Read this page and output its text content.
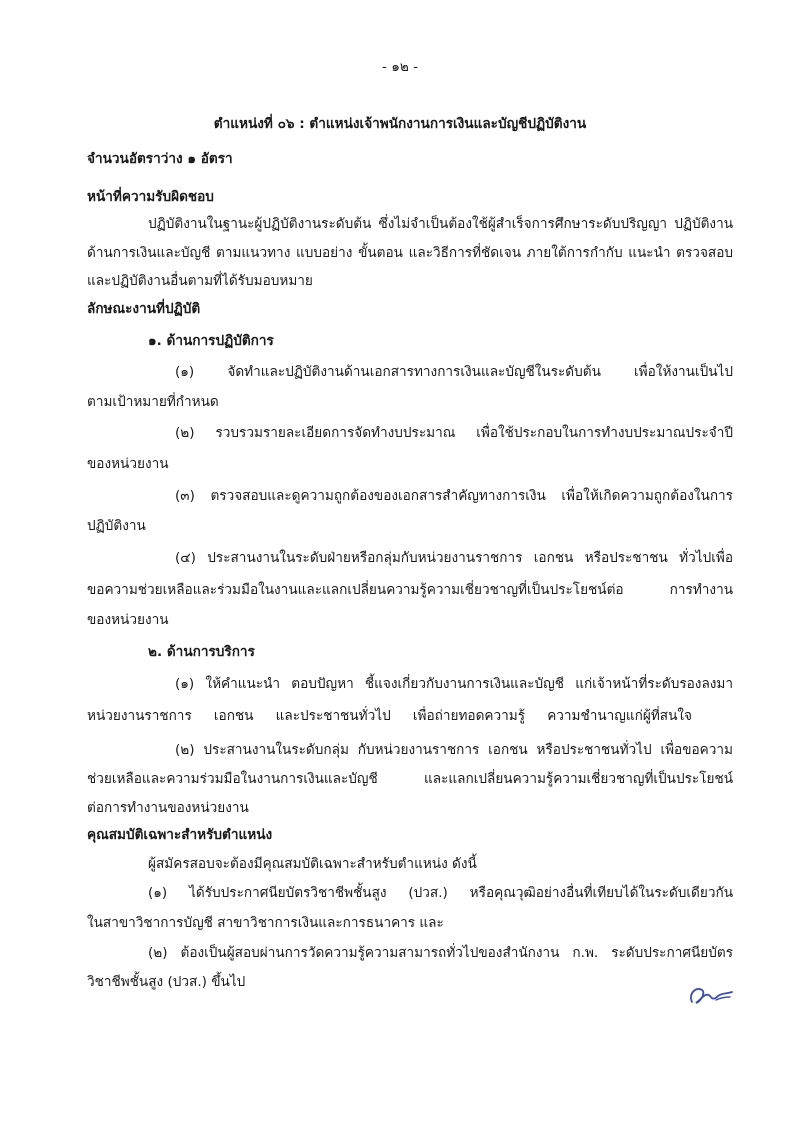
- ๑๒ -
ตำแหน่งที่ ๐๖ : ตำแหน่งเจ้าพนักงานการเงินและบัญชีปฏิบัติงาน
จำนวนอัตราว่าง ๑ อัตรา
หน้าที่ความรับผิดชอบ
ปฏิบัติงานในฐานะผู้ปฏิบัติงานระดับต้น ซึ่งไม่จำเป็นต้องใช้ผู้สำเร็จการศึกษาระดับปริญญา ปฏิบัติงาน
ด้านการเงินและบัญชี ตามแนวทาง แบบอย่าง ขั้นตอน และวิธีการที่ชัดเจน ภายใต้การกำกับ แนะนำ ตรวจสอบ
และปฏิบัติงานอื่นตามที่ได้รับมอบหมาย
ลักษณะงานที่ปฏิบัติ
๑. ด้านการปฏิบัติการ
(๑) จัดทำและปฏิบัติงานด้านเอกสารทางการเงินและบัญชีในระดับต้น เพื่อให้งานเป็นไป
ตามเป้าหมายที่กำหนด
(๒) รวบรวมรายละเอียดการจัดทำงบประมาณ เพื่อใช้ประกอบในการทำงบประมาณประจำปี
ของหน่วยงาน
(๓) ตรวจสอบและดูความถูกต้องของเอกสารสำคัญทางการเงิน เพื่อให้เกิดความถูกต้องในการ
ปฏิบัติงาน
(๔) ประสานงานในระดับฝ่ายหรือกลุ่มกับหน่วยงานราชการ เอกชน หรือประชาชน ทั่วไปเพื่อ
ขอความช่วยเหลือและร่วมมือในงานและแลกเปลี่ยนความรู้ความเชี่ยวชาญที่เป็นประโยชน์ต่อ การทำงาน
ของหน่วยงาน
๒. ด้านการบริการ
(๑) ให้คำแนะนำ ตอบปัญหา ชี้แจงเกี่ยวกับงานการเงินและบัญชี แก่เจ้าหน้าที่ระดับรองลงมา
หน่วยงานราชการ เอกชน และประชาชนทั่วไป เพื่อถ่ายทอดความรู้ ความชำนาญแก่ผู้ที่สนใจ
(๒) ประสานงานในระดับกลุ่ม กับหน่วยงานราชการ เอกชน หรือประชาชนทั่วไป เพื่อขอความ
ช่วยเหลือและความร่วมมือในงานการเงินและบัญชี และแลกเปลี่ยนความรู้ความเชี่ยวชาญที่เป็นประโยชน์
ต่อการทำงานของหน่วยงาน
คุณสมบัติเฉพาะสำหรับตำแหน่ง
ผู้สมัครสอบจะต้องมีคุณสมบัติเฉพาะสำหรับตำแหน่ง ดังนี้
(๑) ได้รับประกาศนียบัตรวิชาชีพชั้นสูง (ปวส.) หรือคุณวุฒิอย่างอื่นที่เทียบได้ในระดับเดียวกัน
ในสาขาวิชาการบัญชี สาขาวิชาการเงินและการธนาคาร และ
(๒) ต้องเป็นผู้สอบผ่านการวัดความรู้ความสามารถทั่วไปของสำนักงาน ก.พ. ระดับประกาศนียบัตร
วิชาชีพชั้นสูง (ปวส.) ขึ้นไป
